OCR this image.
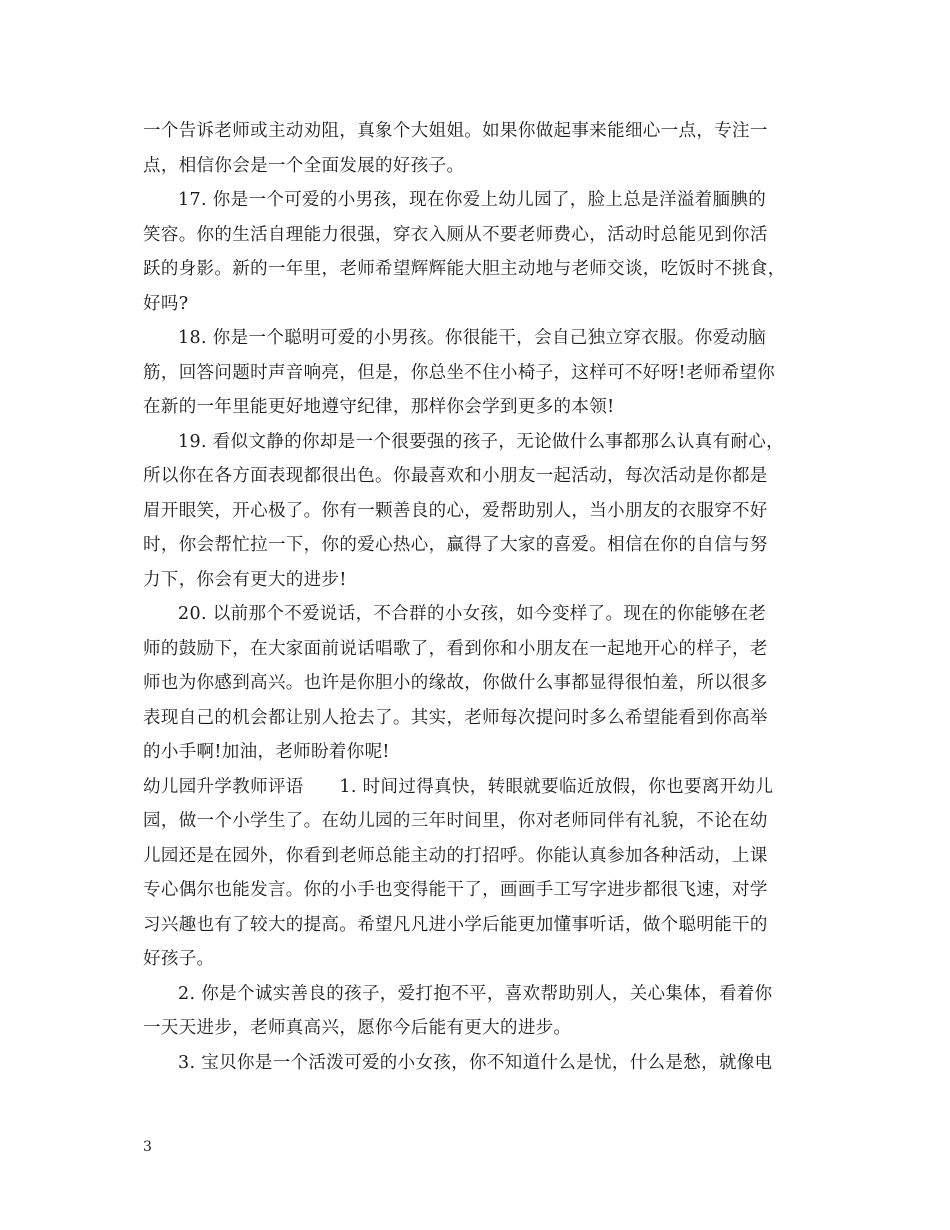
一个告诉老师或主动劝阻，真象个大姐姐。如果你做起事来能细心一点，专注一
点，相信你会是一个全面发展的好孩子。
17. 你是一个可爱的小男孩，现在你爱上幼儿园了，脸上总是洋溢着腼腆的
笑容。你的生活自理能力很强，穿衣入厕从不要老师费心，活动时总能见到你活
跃的身影。新的一年里，老师希望辉辉能大胆主动地与老师交谈，吃饭时不挑食，
好吗?
18. 你是一个聪明可爱的小男孩。你很能干，会自己独立穿衣服。你爱动脑
筋，回答问题时声音响亮，但是，你总坐不住小椅子，这样可不好呀!老师希望你
在新的一年里能更好地遵守纪律，那样你会学到更多的本领!
19. 看似文静的你却是一个很要强的孩子，无论做什么事都那么认真有耐心，
所以你在各方面表现都很出色。你最喜欢和小朋友一起活动，每次活动是你都是
眉开眼笑，开心极了。你有一颗善良的心，爱帮助别人，当小朋友的衣服穿不好
时，你会帮忙拉一下，你的爱心热心，赢得了大家的喜爱。相信在你的自信与努
力下，你会有更大的进步!
20. 以前那个不爱说话，不合群的小女孩，如今变样了。现在的你能够在老
师的鼓励下，在大家面前说话唱歌了，看到你和小朋友在一起地开心的样子，老
师也为你感到高兴。也许是你胆小的缘故，你做什么事都显得很怕羞，所以很多
表现自己的机会都让别人抢去了。其实，老师每次提问时多么希望能看到你高举
的小手啊!加油，老师盼着你呢!
幼儿园升学教师评语　　1. 时间过得真快，转眼就要临近放假，你也要离开幼儿
园，做一个小学生了。在幼儿园的三年时间里，你对老师同伴有礼貌，不论在幼
儿园还是在园外，你看到老师总能主动的打招呼。你能认真参加各种活动，上课
专心偶尔也能发言。你的小手也变得能干了，画画手工写字进步都很飞速，对学
习兴趣也有了较大的提高。希望凡凡进小学后能更加懂事听话，做个聪明能干的
好孩子。
2. 你是个诚实善良的孩子，爱打抱不平，喜欢帮助别人，关心集体，看着你
一天天进步，老师真高兴，愿你今后能有更大的进步。
3. 宝贝你是一个活泼可爱的小女孩，你不知道什么是忧，什么是愁，就像电
3
